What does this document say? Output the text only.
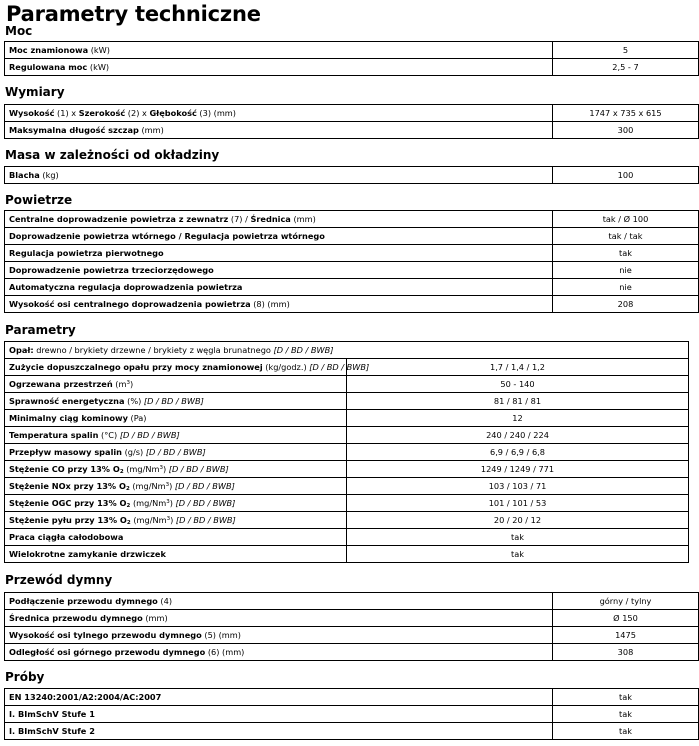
Parametry techniczne
Moc
Moc znamionowa (kW)	5
Regulowana moc (kW)	2,5 - 7
Wymiary
Wysokość (1) x Szerokość (2) x Głębokość (3) (mm)	1747 x 735 x 615
Maksymalna długość szczap (mm)	300
Masa w zależności od okładziny
Blacha (kg)	100
Powietrze
Centralne doprowadzenie powietrza z zewnatrz (7) / Średnica (mm)	tak / Ø 100
Doprowadzenie powietrza wtórnego / Regulacja powietrza wtórnego	tak / tak
Regulacja powietrza pierwotnego	tak
Doprowadzenie powietrza trzeciorzędowego	nie
Automatyczna regulacja doprowadzenia powietrza	nie
Wysokość osi centralnego doprowadzenia powietrza (8) (mm)	208
Parametry
Opał: drewno / brykiety drzewne / brykiety z węgla brunatnego [D / BD / BWB]	
Zużycie dopuszczalnego opału przy mocy znamionowej (kg/godz.) [D / BD / BWB]	1,7 / 1,4 / 1,2
Ogrzewana przestrzeń $(m^3)$	50 - 140
Sprawność energetyczna (%) [D / BD / BWB]	81 / 81 / 81
Minimalny ciąg kominowy (Pa)	12
Temperatura spalin (°C) [D / BD / BWB]	240 / 240 / 224
Przepływ masowy spalin (g/s) [D / BD / BWB]	6,9 / 6,9 / 6,8
Stężenie CO przy 13% $O_2$ (mg/Nm$^3$) [D / BD / BWB]	1249 / 1249 / 771
Stężenie NOx przy 13% $O_2$ (mg/Nm$^3$) [D / BD / BWB]	103 / 103 / 71
Stężenie OGC przy 13% $O_2$ (mg/Nm$^3$) [D / BD / BWB]	101 / 101 / 53
Stężenie pyłu przy 13% $O_2$ (mg/Nm$^3$) [D / BD / BWB]	20 / 20 / 12
Praca ciągła całodobowa	tak
Wielokrotne zamykanie drzwiczek	tak
Przewód dymny
Podłączenie przewodu dymnego (4)	górny / tylny
Średnica przewodu dymnego (mm)	Ø 150
Wysokość osi tylnego przewodu dymnego (5) (mm)	1475
Odległość osi górnego przewodu dymnego (6) (mm)	308
Próby
EN 13240:2001/A2:2004/AC:2007	tak
I. BImSchV Stufe 1	tak
I. BImSchV Stufe 2	tak
